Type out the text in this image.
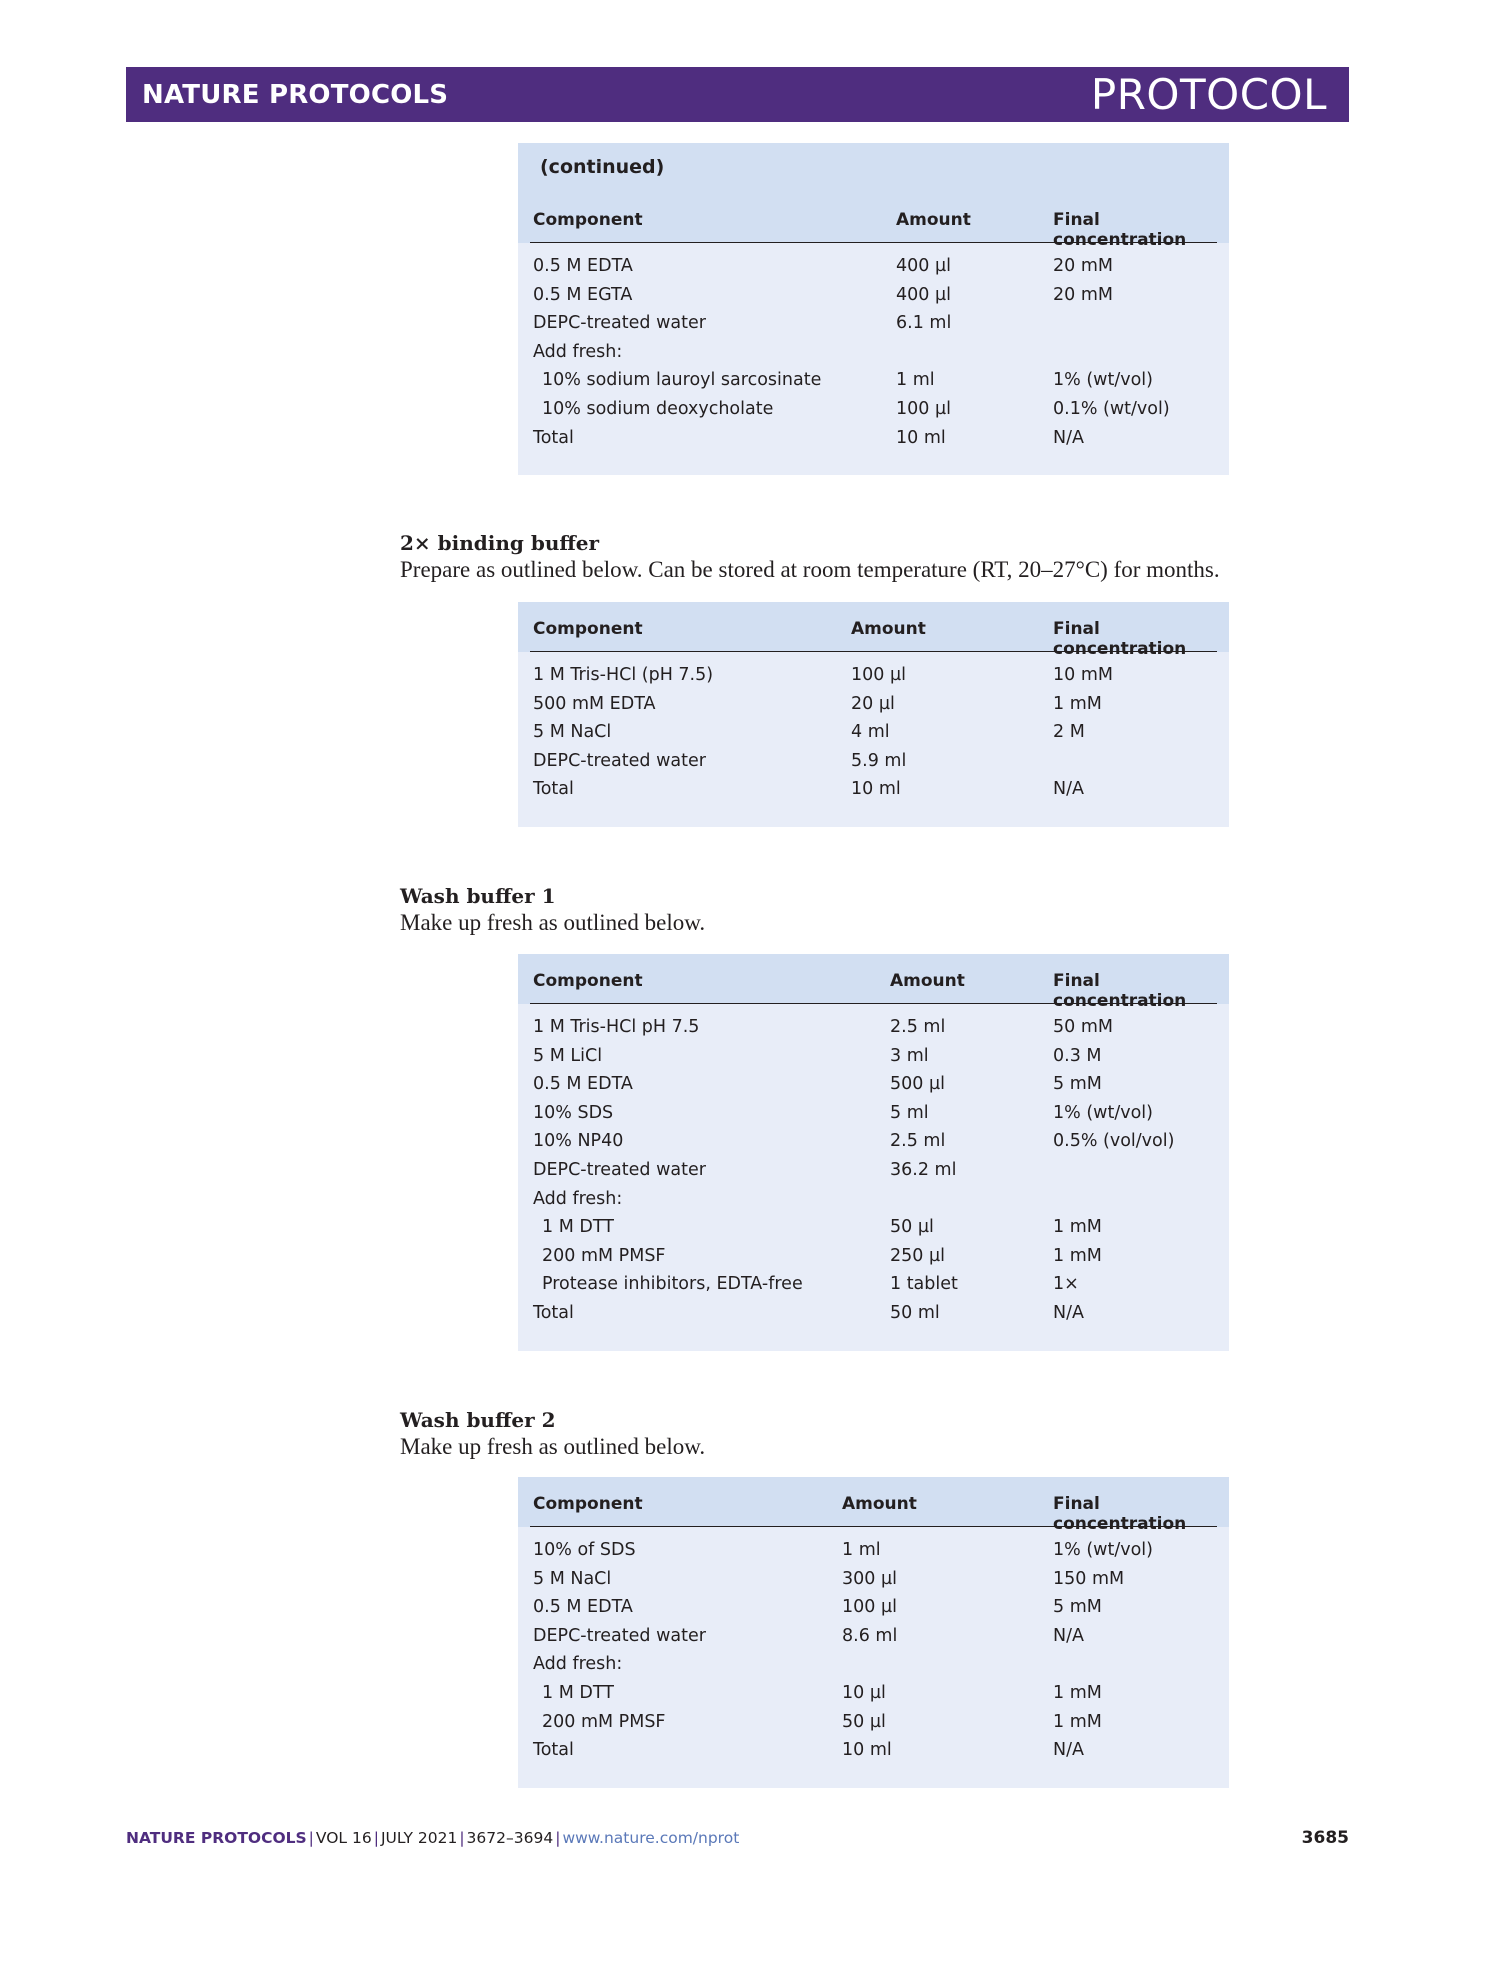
NATURE PROTOCOLS	PROTOCOL
(continued)
Component	Amount	Final concentration
0.5 M EDTA	400 µl	20 mM
0.5 M EGTA	400 µl	20 mM
DEPC-treated water	6.1 ml
Add fresh:
10% sodium lauroyl sarcosinate	1 ml	1% (wt/vol)
10% sodium deoxycholate	100 µl	0.1% (wt/vol)
Total	10 ml	N/A
2× binding buffer
Prepare as outlined below. Can be stored at room temperature (RT, 20–27°C) for months.
Component	Amount	Final concentration
1 M Tris-HCl (pH 7.5)	100 µl	10 mM
500 mM EDTA	20 µl	1 mM
5 M NaCl	4 ml	2 M
DEPC-treated water	5.9 ml
Total	10 ml	N/A
Wash buffer 1
Make up fresh as outlined below.
Component	Amount	Final concentration
1 M Tris-HCl pH 7.5	2.5 ml	50 mM
5 M LiCl	3 ml	0.3 M
0.5 M EDTA	500 µl	5 mM
10% SDS	5 ml	1% (wt/vol)
10% NP40	2.5 ml	0.5% (vol/vol)
DEPC-treated water	36.2 ml
Add fresh:
1 M DTT	50 µl	1 mM
200 mM PMSF	250 µl	1 mM
Protease inhibitors, EDTA-free	1 tablet	1×
Total	50 ml	N/A
Wash buffer 2
Make up fresh as outlined below.
Component	Amount	Final concentration
10% of SDS	1 ml	1% (wt/vol)
5 M NaCl	300 µl	150 mM
0.5 M EDTA	100 µl	5 mM
DEPC-treated water	8.6 ml	N/A
Add fresh:
1 M DTT	10 µl	1 mM
200 mM PMSF	50 µl	1 mM
Total	10 ml	N/A
NATURE PROTOCOLS | VOL 16 | JULY 2021 | 3672–3694 | www.nature.com/nprot	3685
